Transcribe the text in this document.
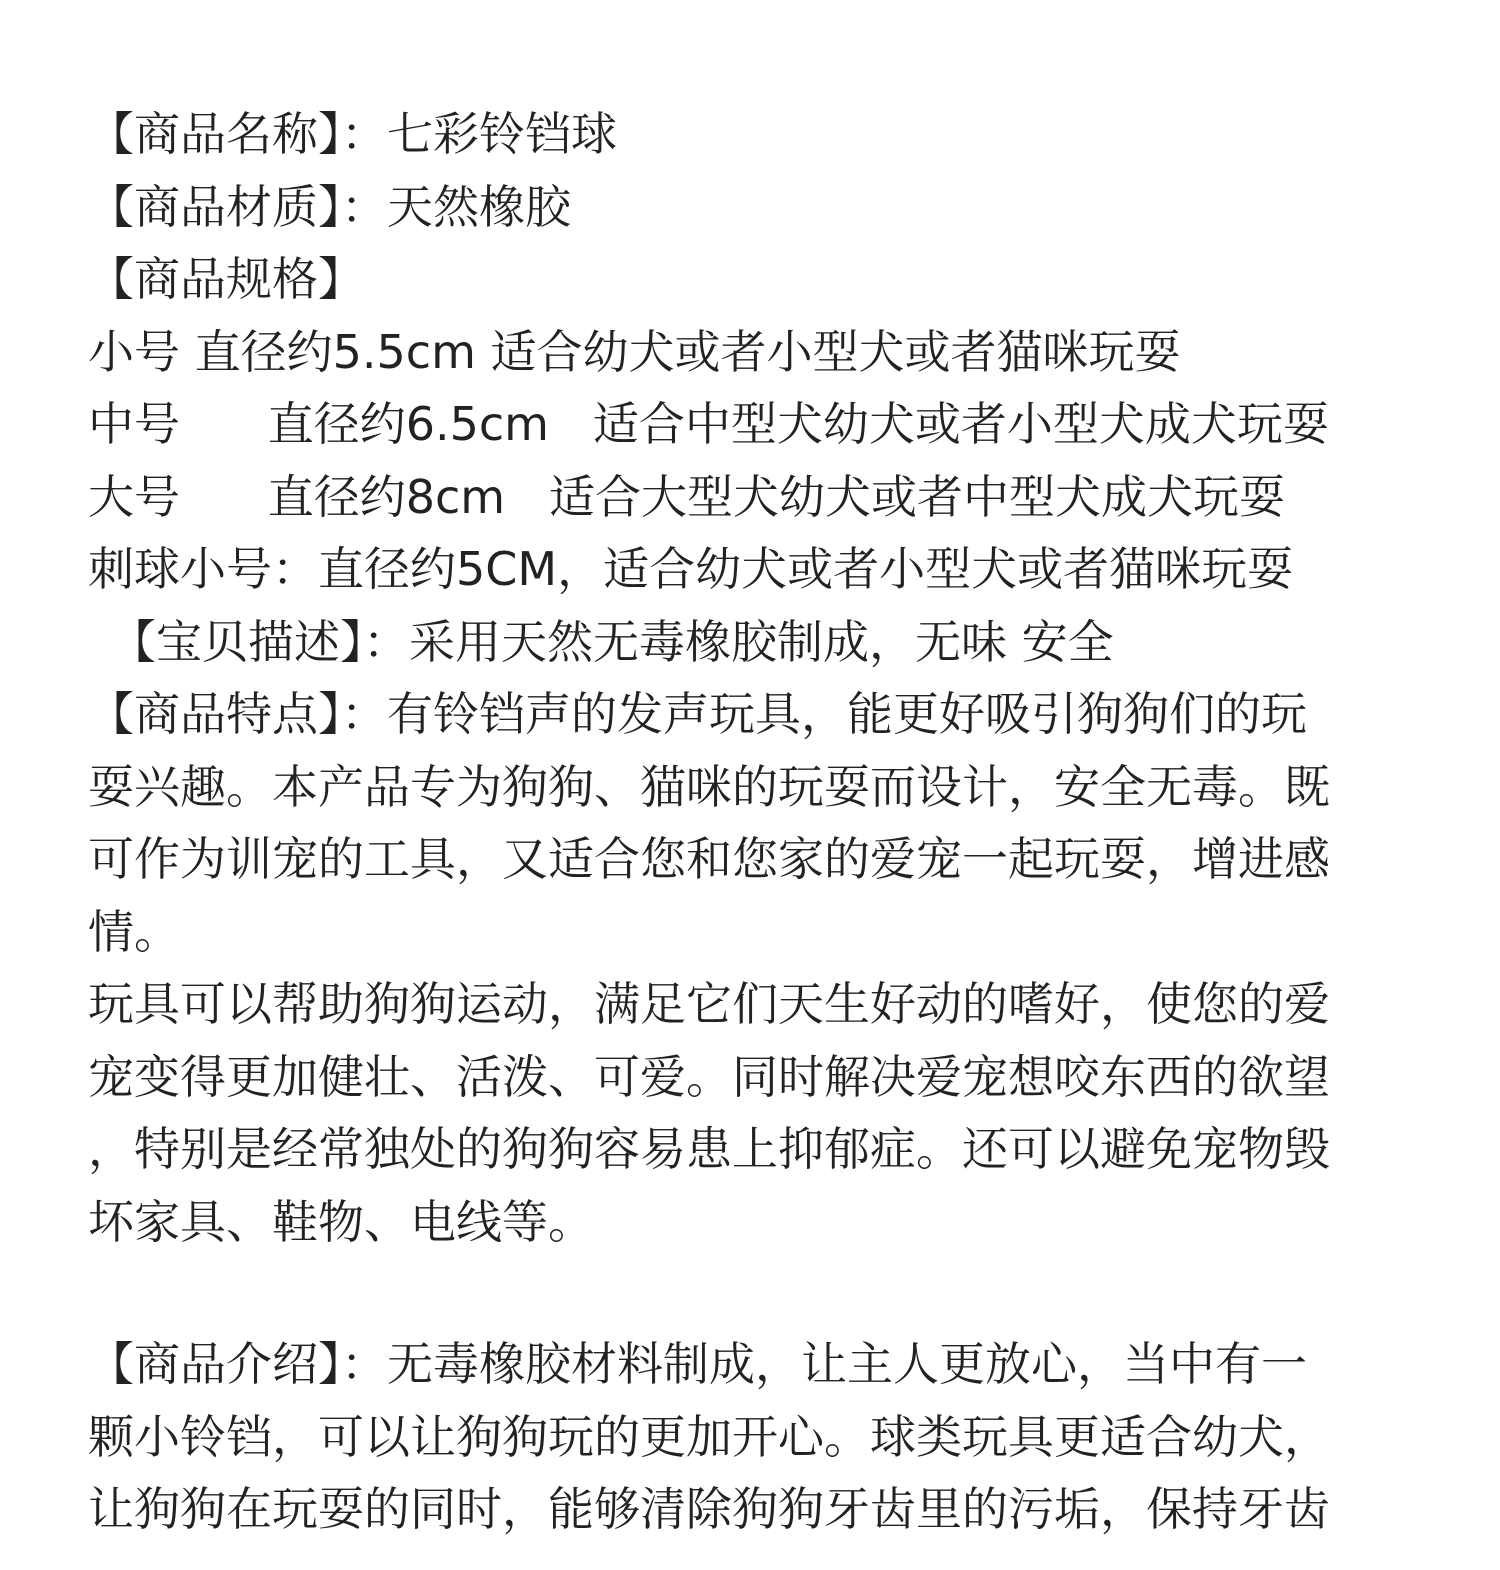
【商品名称】：七彩铃铛球
【商品材质】：天然橡胶
【商品规格】
小号 直径约5.5cm 适合幼犬或者小型犬或者猫咪玩耍
中号      直径约6.5cm   适合中型犬幼犬或者小型犬成犬玩耍
大号      直径约8cm   适合大型犬幼犬或者中型犬成犬玩耍
刺球小号：直径约5CM，适合幼犬或者小型犬或者猫咪玩耍
【宝贝描述】：采用天然无毒橡胶制成，无味 安全
【商品特点】：有铃铛声的发声玩具，能更好吸引狗狗们的玩
耍兴趣。本产品专为狗狗、猫咪的玩耍而设计，安全无毒。既
可作为训宠的工具，又适合您和您家的爱宠一起玩耍，增进感
情。
玩具可以帮助狗狗运动，满足它们天生好动的嗜好，使您的爱
宠变得更加健壮、活泼、可爱。同时解决爱宠想咬东西的欲望
，特别是经常独处的狗狗容易患上抑郁症。还可以避免宠物毁
坏家具、鞋物、电线等。
【商品介绍】：无毒橡胶材料制成，让主人更放心，当中有一
颗小铃铛，可以让狗狗玩的更加开心。球类玩具更适合幼犬，
让狗狗在玩耍的同时，能够清除狗狗牙齿里的污垢，保持牙齿
